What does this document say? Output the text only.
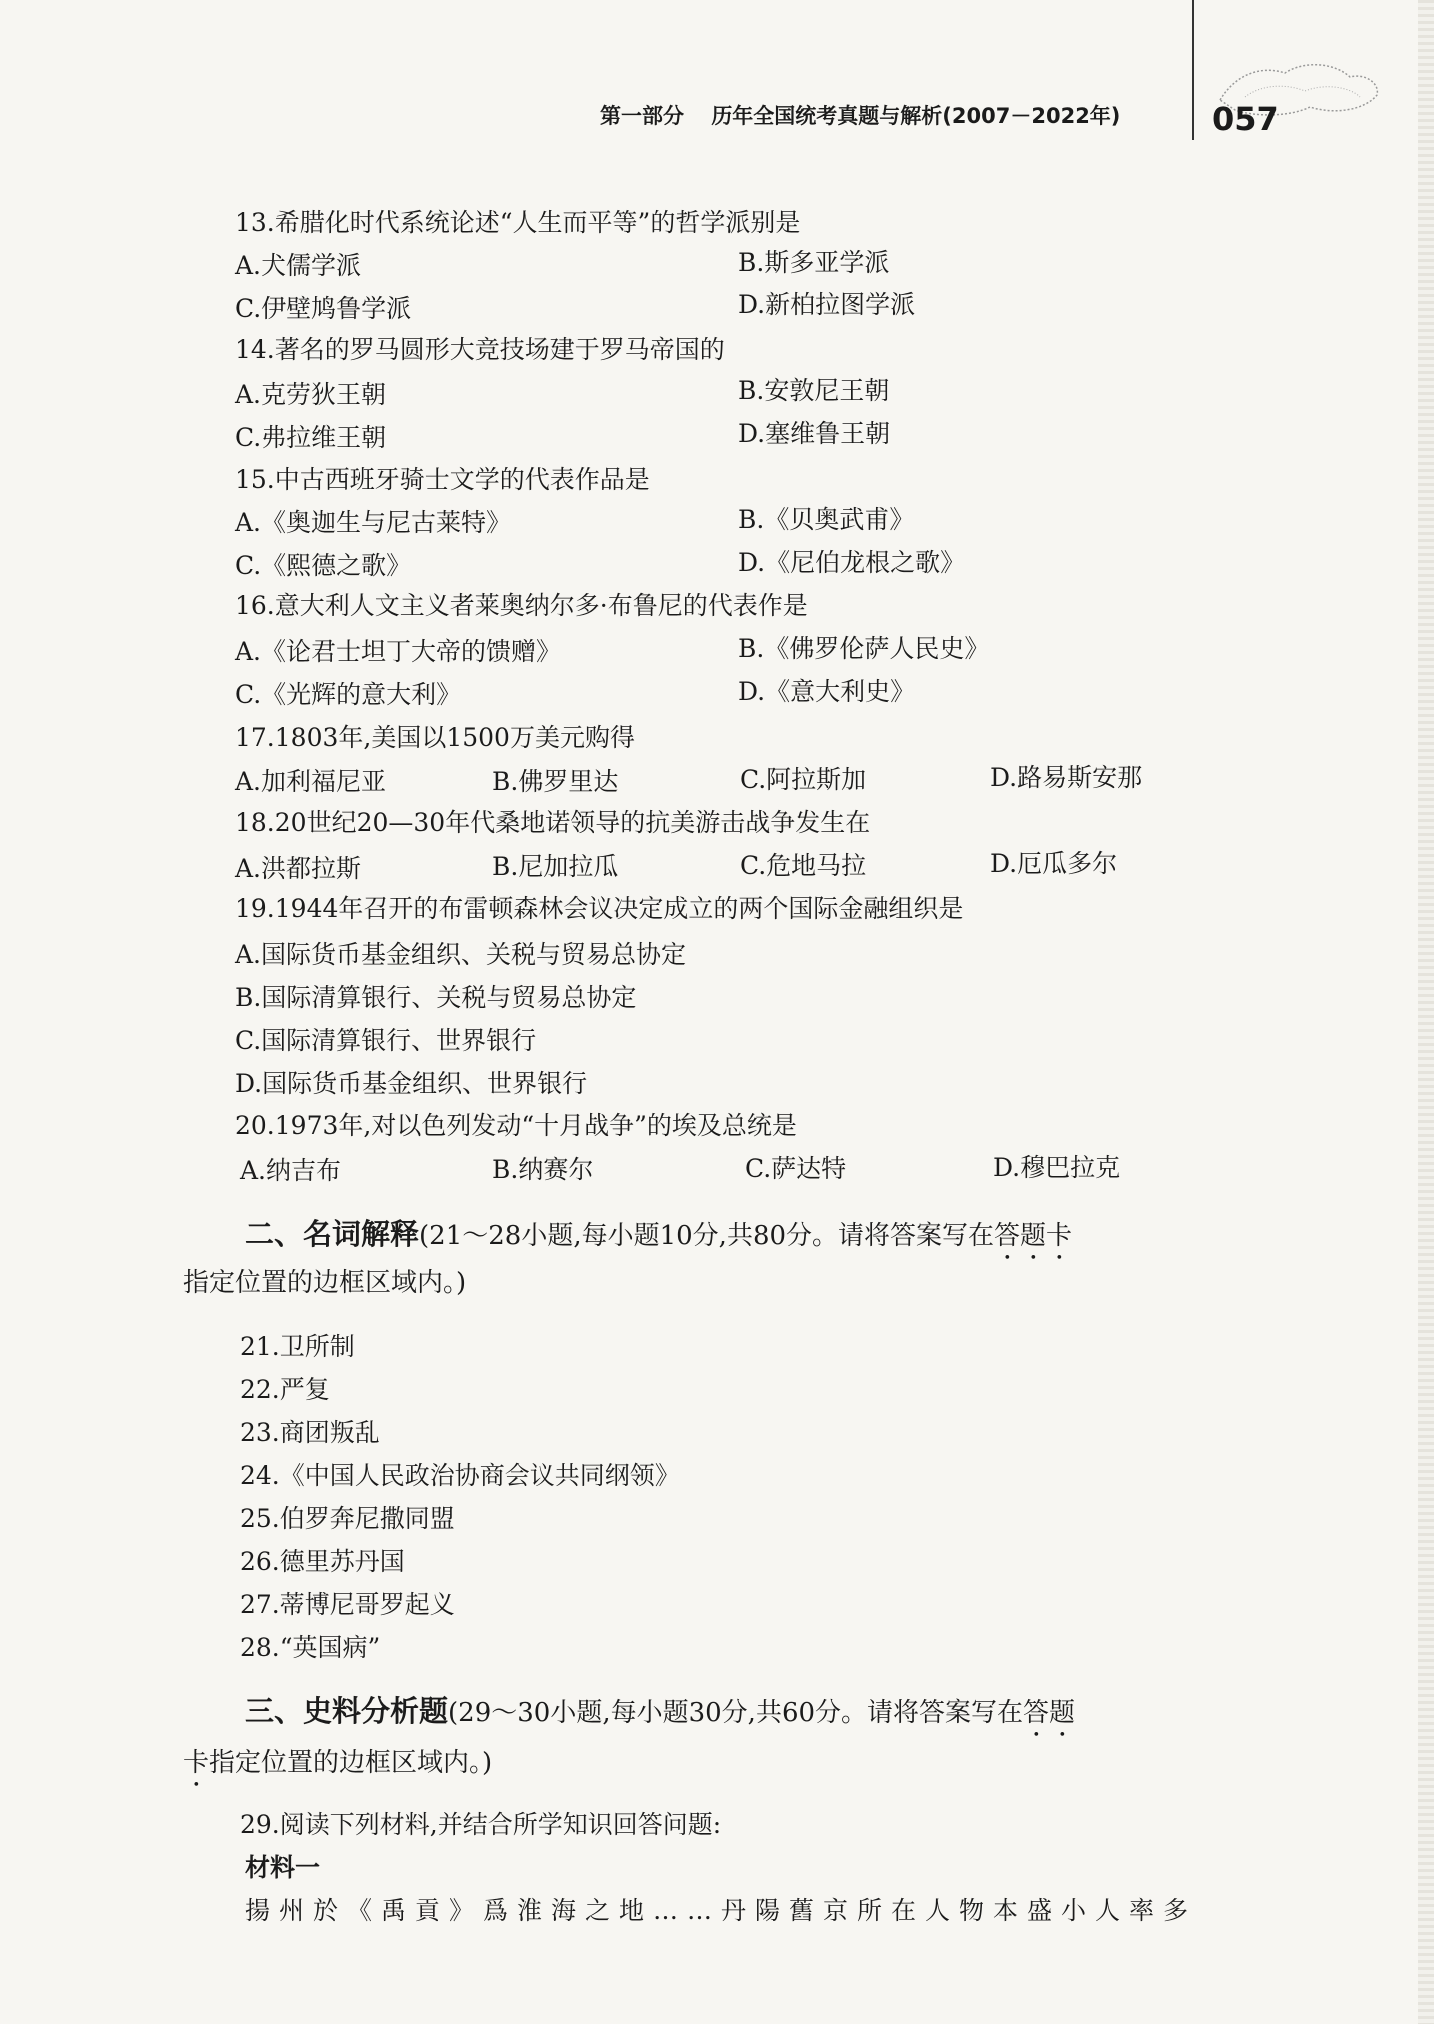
第一部分 历年全国统考真题与解析(2007－2022年)	057
13.希腊化时代系统论述“人生而平等”的哲学派别是
A.犬儒学派	B.斯多亚学派
C.伊壁鸠鲁学派	D.新柏拉图学派
14.著名的罗马圆形大竞技场建于罗马帝国的
A.克劳狄王朝	B.安敦尼王朝
C.弗拉维王朝	D.塞维鲁王朝
15.中古西班牙骑士文学的代表作品是
A.《奥迦生与尼古莱特》	B.《贝奥武甫》
C.《熙德之歌》	D.《尼伯龙根之歌》
16.意大利人文主义者莱奥纳尔多·布鲁尼的代表作是
A.《论君士坦丁大帝的馈赠》	B.《佛罗伦萨人民史》
C.《光辉的意大利》	D.《意大利史》
17.1803年,美国以1500万美元购得
A.加利福尼亚	B.佛罗里达	C.阿拉斯加	D.路易斯安那
18.20世纪20—30年代桑地诺领导的抗美游击战争发生在
A.洪都拉斯	B.尼加拉瓜	C.危地马拉	D.厄瓜多尔
19.1944年召开的布雷顿森林会议决定成立的两个国际金融组织是
A.国际货币基金组织、关税与贸易总协定
B.国际清算银行、关税与贸易总协定
C.国际清算银行、世界银行
D.国际货币基金组织、世界银行
20.1973年,对以色列发动“十月战争”的埃及总统是
A.纳吉布	B.纳赛尔	C.萨达特	D.穆巴拉克
二、名词解释(21～28小题,每小题10分,共80分。请将答案写在答题卡
指定位置的边框区域内。)
21.卫所制
22.严复
23.商团叛乱
24.《中国人民政治协商会议共同纲领》
25.伯罗奔尼撒同盟
26.德里苏丹国
27.蒂博尼哥罗起义
28.“英国病”
三、史料分析题(29～30小题,每小题30分,共60分。请将答案写在答题
卡指定位置的边框区域内。)
29.阅读下列材料,并结合所学知识回答问题:
材料一
揚州於《禹貢》爲淮海之地……丹陽舊京所在人物本盛小人率多
